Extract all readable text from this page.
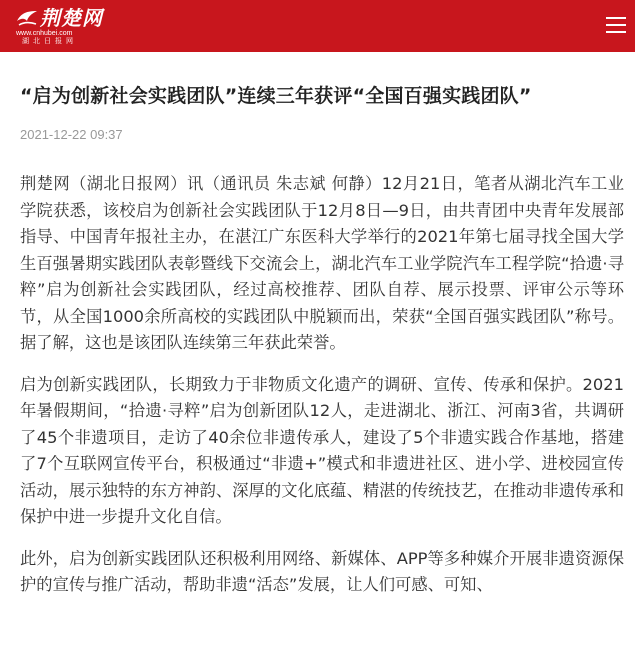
荆楚网
www.cnhubei.com
湖北日报网
“启为创新社会实践团队”连续三年获评“全国百强实践团队”
2021-12-22 09:37

荆楚网（湖北日报网）讯（通讯员 朱志斌 何静）12月21日，笔者从湖北汽车工业学院获悉，该校启为创新社会实践团队于12月8日—9日，由共青团中央青年发展部指导、中国青年报社主办，在湛江广东医科大学举行的2021年第七届寻找全国大学生百强暑期实践团队表彰暨线下交流会上，湖北汽车工业学院汽车工程学院“拾遗·寻粹”启为创新社会实践团队，经过高校推荐、团队自荐、展示投票、评审公示等环节，从全国1000余所高校的实践团队中脱颖而出，荣获“全国百强实践团队”称号。据了解，这也是该团队连续第三年获此荣誉。

启为创新实践团队，长期致力于非物质文化遗产的调研、宣传、传承和保护。2021年暑假期间，“拾遗·寻粹”启为创新团队12人，走进湖北、浙江、河南3省，共调研了45个非遗项目，走访了40余位非遗传承人，建设了5个非遗实践合作基地，搭建了7个互联网宣传平台，积极通过“非遗+”模式和非遗进社区、进小学、进校园宣传活动，展示独特的东方神韵、深厚的文化底蕴、精湛的传统技艺，在推动非遗传承和保护中进一步提升文化自信。

此外，启为创新实践团队还积极利用网络、新媒体、APP等多种媒介开展非遗资源保护的宣传与推广活动，帮助非遗“活态”发展，让人们可感、可知、
